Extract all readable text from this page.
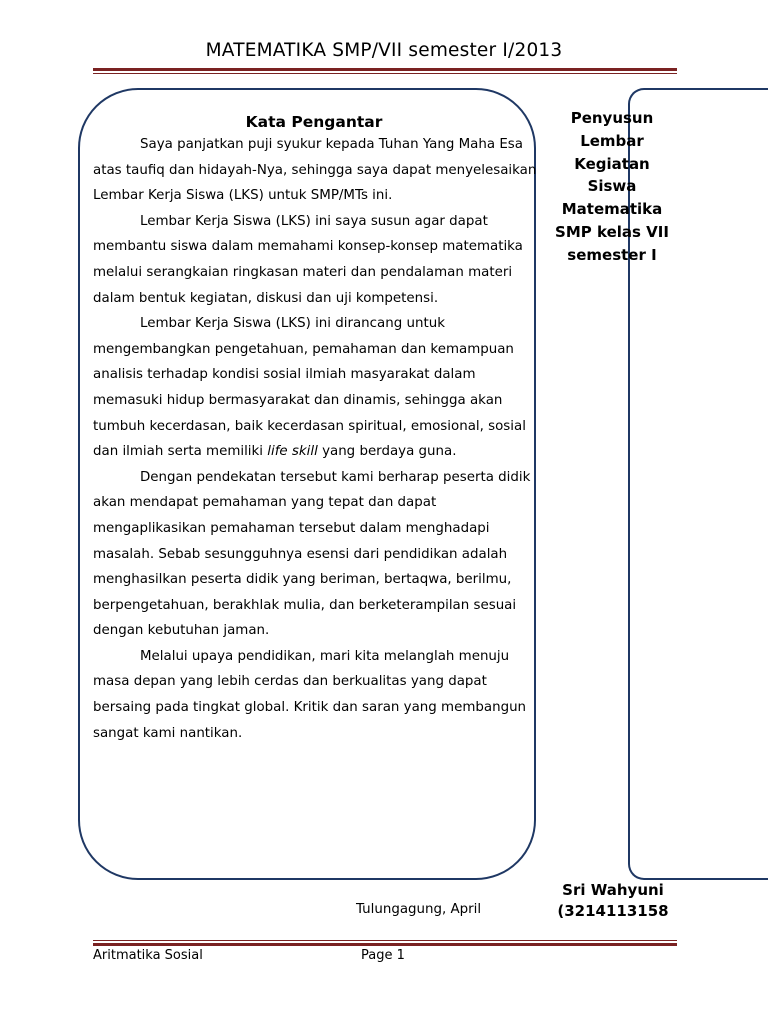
MATEMATIKA SMP/VII semester I/2013
Kata Pengantar

Saya panjatkan puji syukur kepada Tuhan Yang Maha Esa atas taufiq dan hidayah-Nya, sehingga saya dapat menyelesaikan Lembar Kerja Siswa (LKS) untuk SMP/MTs ini.

Lembar Kerja Siswa (LKS) ini saya susun agar dapat membantu siswa dalam memahami konsep-konsep matematika melalui serangkaian ringkasan materi dan pendalaman materi dalam bentuk kegiatan, diskusi dan uji kompetensi.

Lembar Kerja Siswa (LKS) ini dirancang untuk mengembangkan pengetahuan, pemahaman dan kemampuan analisis terhadap kondisi sosial ilmiah masyarakat dalam memasuki hidup bermasyarakat dan dinamis, sehingga akan tumbuh kecerdasan, baik kecerdasan spiritual, emosional, sosial dan ilmiah serta memiliki life skill yang berdaya guna.

Dengan pendekatan tersebut kami berharap peserta didik akan mendapat pemahaman yang tepat dan dapat mengaplikasikan pemahaman tersebut dalam menghadapi masalah. Sebab sesungguhnya esensi dari pendidikan adalah menghasilkan peserta didik yang beriman, bertaqwa, berilmu, berpengetahuan, berakhlak mulia, dan berketerampilan sesuai dengan kebutuhan jaman.

Melalui upaya pendidikan, mari kita melanglah menuju masa depan yang lebih cerdas dan berkualitas yang dapat bersaing pada tingkat global. Kritik dan saran yang membangun sangat kami nantikan.

Penyusun Lembar Kegiatan Siswa Matematika SMP kelas VII semester I
Sri Wahyuni
(3214113158
Tulungagung, April
Aritmatika Sosial	Page 1
